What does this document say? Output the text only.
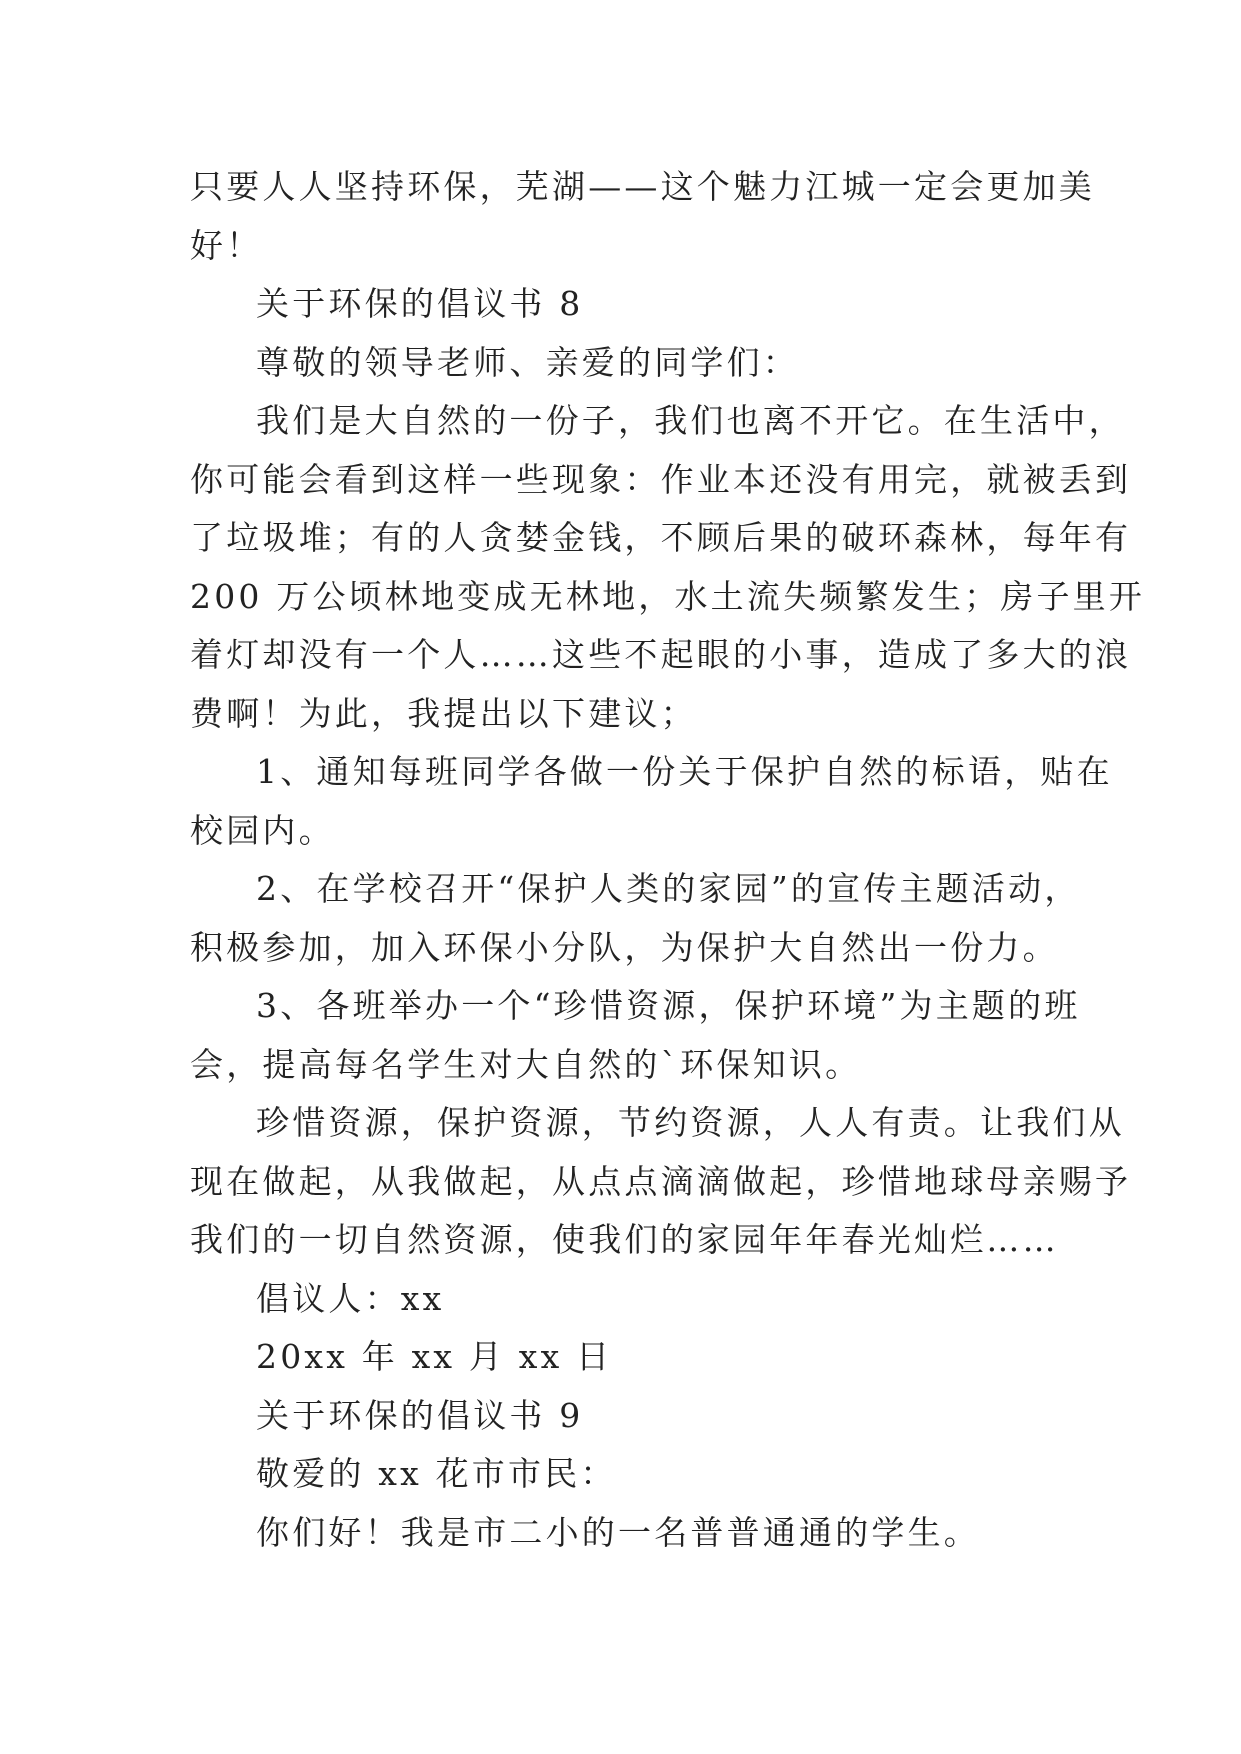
只要人人坚持环保，芜湖——这个魅力江城一定会更加美
好！

关于环保的倡议书 8

尊敬的领导老师、亲爱的同学们：

我们是大自然的一份子，我们也离不开它。在生活中，
你可能会看到这样一些现象：作业本还没有用完，就被丢到
了垃圾堆；有的人贪婪金钱，不顾后果的破环森林，每年有
200 万公顷林地变成无林地，水土流失频繁发生；房子里开
着灯却没有一个人……这些不起眼的小事，造成了多大的浪
费啊！为此，我提出以下建议；

1、通知每班同学各做一份关于保护自然的标语，贴在
校园内。

2、在学校召开“保护人类的家园”的宣传主题活动，
积极参加，加入环保小分队，为保护大自然出一份力。

3、各班举办一个“珍惜资源，保护环境”为主题的班
会，提高每名学生对大自然的`环保知识。

珍惜资源，保护资源，节约资源，人人有责。让我们从
现在做起，从我做起，从点点滴滴做起，珍惜地球母亲赐予
我们的一切自然资源，使我们的家园年年春光灿烂……

倡议人：xx

20xx 年 xx 月 xx 日

关于环保的倡议书 9

敬爱的 xx 花市市民：

你们好！我是市二小的一名普普通通的学生。
